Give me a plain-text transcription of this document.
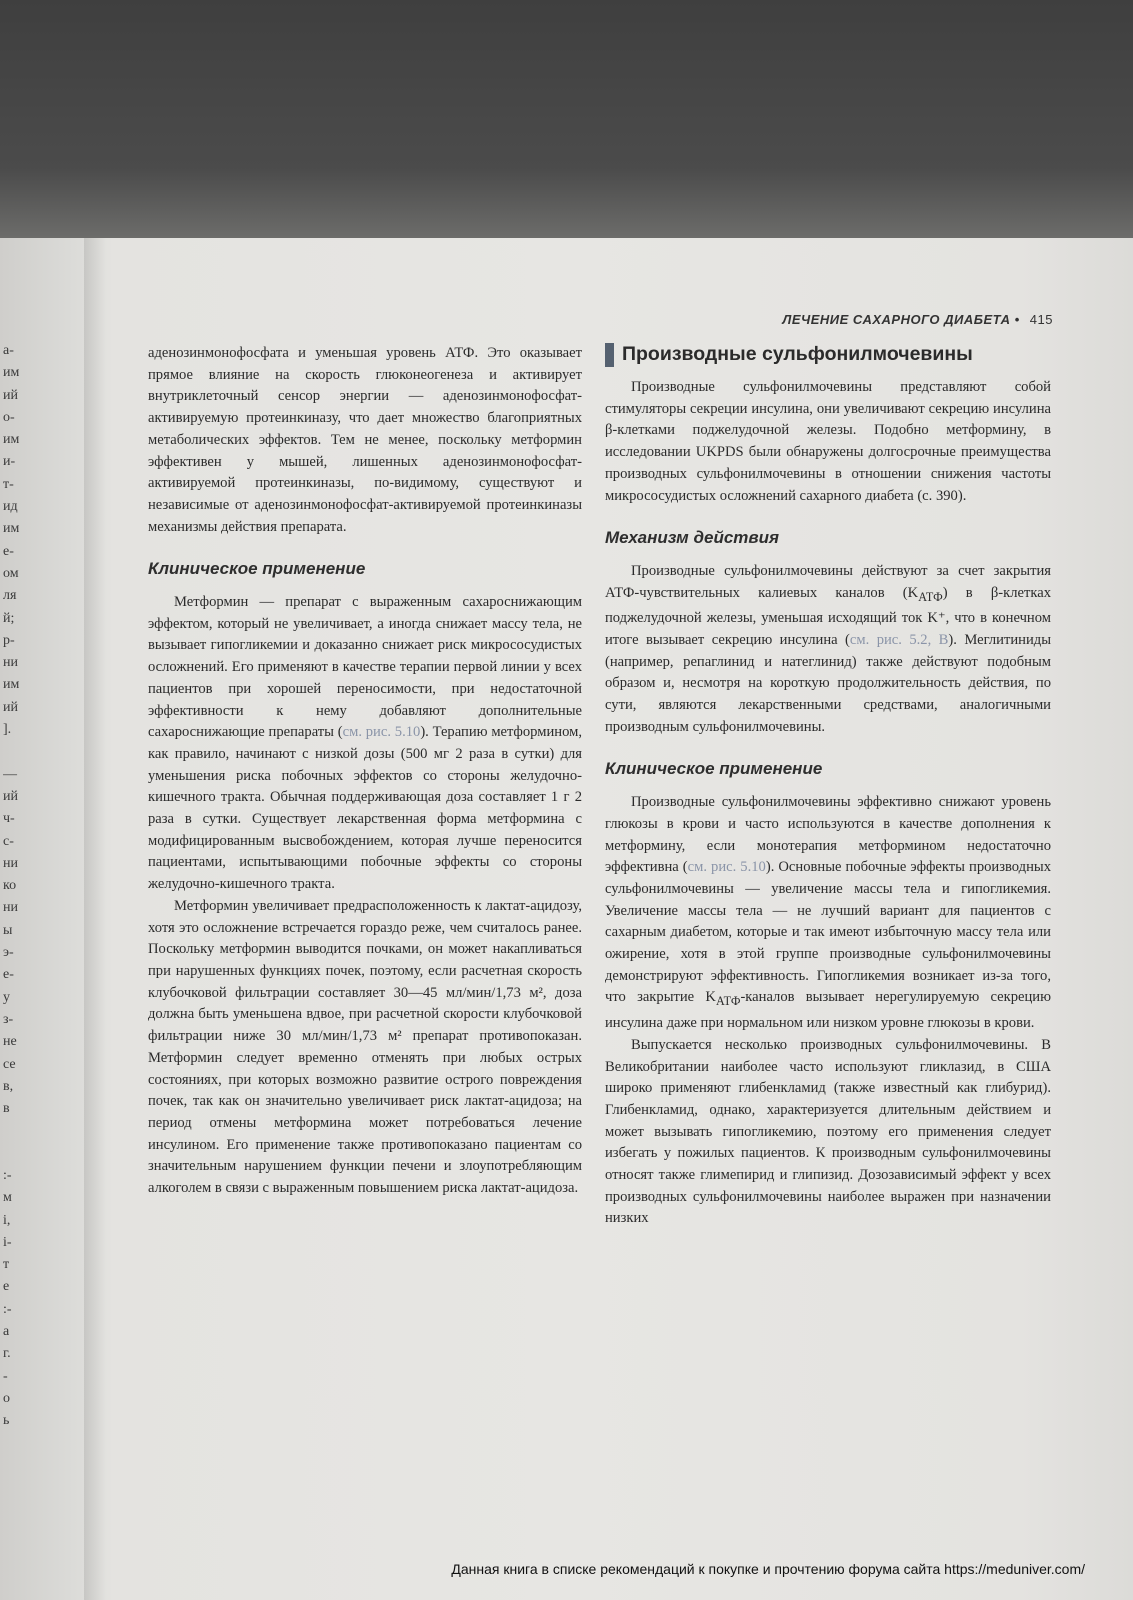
а-
им
ий
о-
им
и-
т-
ид
им
е-
ом
ля
й;
р-
ни
им
ий
].
—
ий
ч-
с-
ни
ко
ни
ы
э-
е-
у
з-
не
се
в,
в
:-
м
і,
і-
т
е
:-
а
г.
-
о
ь
ЛЕЧЕНИЕ САХАРНОГО ДИАБЕТА • 415

аденозинмонофосфата и уменьшая уровень АТФ. Это оказывает прямое влияние на скорость глюконеогенеза и активирует внутриклеточный сенсор энергии — аденозинмонофосфат-активируемую протеинкиназу, что дает множество благоприятных метаболических эффектов. Тем не менее, поскольку метформин эффективен у мышей, лишенных аденозинмонофосфат-активируемой протеинкиназы, по-видимому, существуют и независимые от аденозинмонофосфат-активируемой протеинкиназы механизмы действия препарата.

Клиническое применение

Метформин — препарат с выраженным сахароснижающим эффектом, который не увеличивает, а иногда снижает массу тела, не вызывает гипогликемии и доказанно снижает риск микрососудистых осложнений. Его применяют в качестве терапии первой линии у всех пациентов при хорошей переносимости, при недостаточной эффективности к нему добавляют дополнительные сахароснижающие препараты (см. рис. 5.10). Терапию метформином, как правило, начинают с низкой дозы (500 мг 2 раза в сутки) для уменьшения риска побочных эффектов со стороны желудочно-кишечного тракта. Обычная поддерживающая доза составляет 1 г 2 раза в сутки. Существует лекарственная форма метформина с модифицированным высвобождением, которая лучше переносится пациентами, испытывающими побочные эффекты со стороны желудочно-кишечного тракта.

Метформин увеличивает предрасположенность к лактат-ацидозу, хотя это осложнение встречается гораздо реже, чем считалось ранее. Поскольку метформин выводится почками, он может накапливаться при нарушенных функциях почек, поэтому, если расчетная скорость клубочковой фильтрации составляет 30—45 мл/мин/1,73 м², доза должна быть уменьшена вдвое, при расчетной скорости клубочковой фильтрации ниже 30 мл/мин/1,73 м² препарат противопоказан. Метформин следует временно отменять при любых острых состояниях, при которых возможно развитие острого повреждения почек, так как он значительно увеличивает риск лактат-ацидоза; на период отмены метформина может потребоваться лечение инсулином. Его применение также противопоказано пациентам со значительным нарушением функции печени и злоупотребляющим алкоголем в связи с выраженным повышением риска лактат-ацидоза.

Производные сульфонилмочевины

Производные сульфонилмочевины представляют собой стимуляторы секреции инсулина, они увеличивают секрецию инсулина β-клетками поджелудочной железы. Подобно метформину, в исследовании UKPDS были обнаружены долгосрочные преимущества производных сульфонилмочевины в отношении снижения частоты микрососудистых осложнений сахарного диабета (с. 390).

Механизм действия

Производные сульфонилмочевины действуют за счет закрытия АТФ-чувствительных калиевых каналов $(K_{АТФ})$ в β-клетках поджелудочной железы, уменьшая исходящий ток K⁺, что в конечном итоге вызывает секрецию инсулина (см. рис. 5.2, В). Меглитиниды (например, репаглинид и натеглинид) также действуют подобным образом и, несмотря на короткую продолжительность действия, по сути, являются лекарственными средствами, аналогичными производным сульфонилмочевины.

Клиническое применение

Производные сульфонилмочевины эффективно снижают уровень глюкозы в крови и часто используются в качестве дополнения к метформину, если монотерапия метформином недостаточно эффективна (см. рис. 5.10). Основные побочные эффекты производных сульфонилмочевины — увеличение массы тела и гипогликемия. Увеличение массы тела — не лучший вариант для пациентов с сахарным диабетом, которые и так имеют избыточную массу тела или ожирение, хотя в этой группе производные сульфонилмочевины демонстрируют эффективность. Гипогликемия возникает из-за того, что закрытие $K_{АТФ}$-каналов вызывает нерегулируемую секрецию инсулина даже при нормальном или низком уровне глюкозы в крови.

Выпускается несколько производных сульфонилмочевины. В Великобритании наиболее часто используют гликлазид, в США широко применяют глибенкламид (также известный как глибурид). Глибенкламид, однако, характеризуется длительным действием и может вызывать гипогликемию, поэтому его применения следует избегать у пожилых пациентов. К производным сульфонилмочевины относят также глимепирид и глипизид. Дозозависимый эффект у всех производных сульфонилмочевины наиболее выражен при назначении низких

Данная книга в списке рекомендаций к покупке и прочтению форума сайта https://meduniver.com/
